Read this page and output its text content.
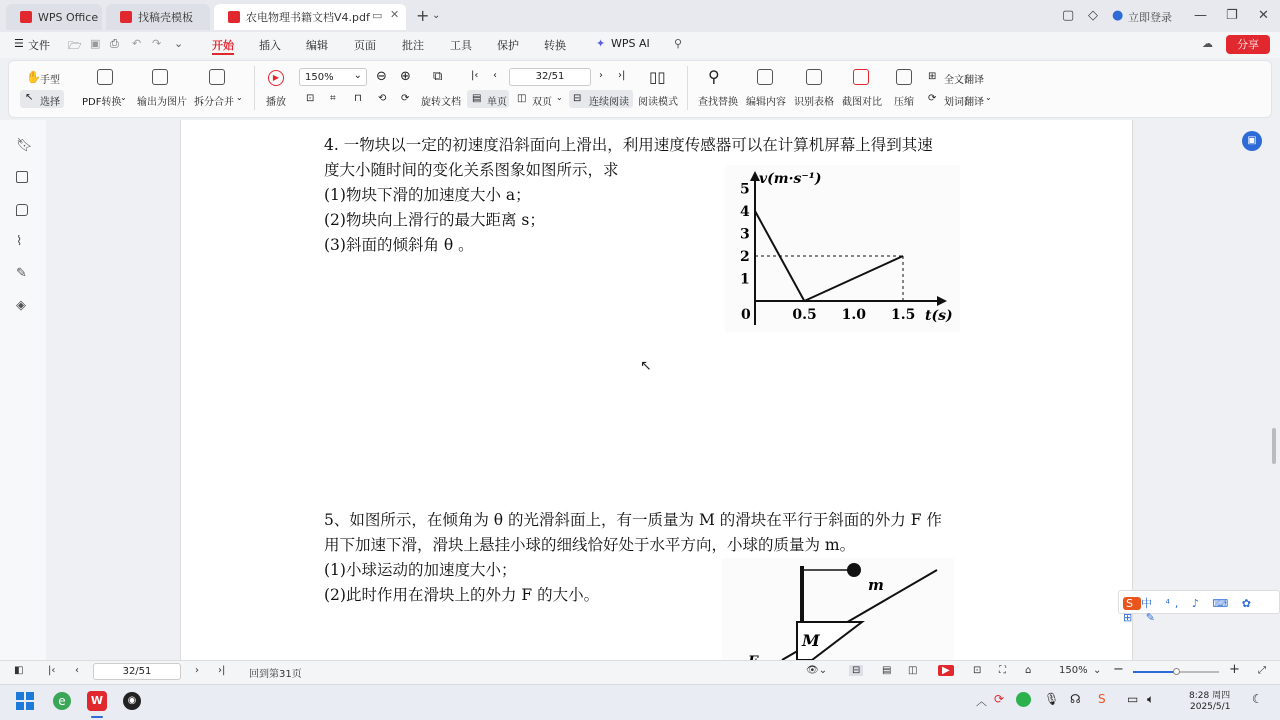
WPS Office	找稿壳模板	农电物理书籍文档V4.pdf ▭ ✕ + ⌄	▢ ◇ ● 立即登录 — ❐ ✕
☰ 文件 🗁 ▣ ⎙ ↶ ↷ ⌄	开始 插入 编辑 页面 批注 工具 保护 转换	✦ WPS AI ⚲	☁	分享
✋ 手型
↖ 选择 PDF转换
⌄ 输出为图片 拆分合并 ⌄
▶
播放
150% ⌄ ⊖ ⊕ ⧉	|‹ ‹	32/51	› ›| ▯▯
⊡ ⌗ ⊓ ⟲ ⟳ 旋转文档 ▤ 单页 ◫ 双页 ⌄ ⊟ 连续阅读 阅读模式
⚲
查找替换 编辑内容 识别表格 截图对比 压缩
⊞ 全文翻译
⟳ 划词翻译 ⌄
🔖︎
⌇
✎
◈
4. 一物块以一定的初速度沿斜面向上滑出，利用速度传感器可以在计算机屏幕上得到其速
度大小随时间的变化关系图象如图所示，求
(1)物块下滑的加速度大小 a；
(2)物块向上滑行的最大距离 s；
(3)斜面的倾斜角 θ 。
5
4
3
2
1
0	0.5 1.0 1.5
v(m·s⁻¹)
t(s)
↖
5、如图所示，在倾角为 θ 的光滑斜面上，有一质量为 M 的滑块在平行于斜面的外力 F 作
用下加速下滑，滑块上悬挂小球的细线恰好处于水平方向，小球的质量为 m。
(1)小球运动的加速度大小；
(2)此时作用在滑块上的外力 F 的大小。
m
M
▣
S 中 ⁴, ♪ ⌨ ✿ ⊞ ✎
◧ |‹ ‹	32/51	› ›| 回到第31页	👁︎⌄	⊟	▤ ◫	▶	⊡ ⛶ ⌂	150% ⌄ −	+ ⤢
e	W	◉	︿ ⟳	🎙︎ ☊ S ▭ 🔈︎	8:28 周四
2025/5/1
☾
